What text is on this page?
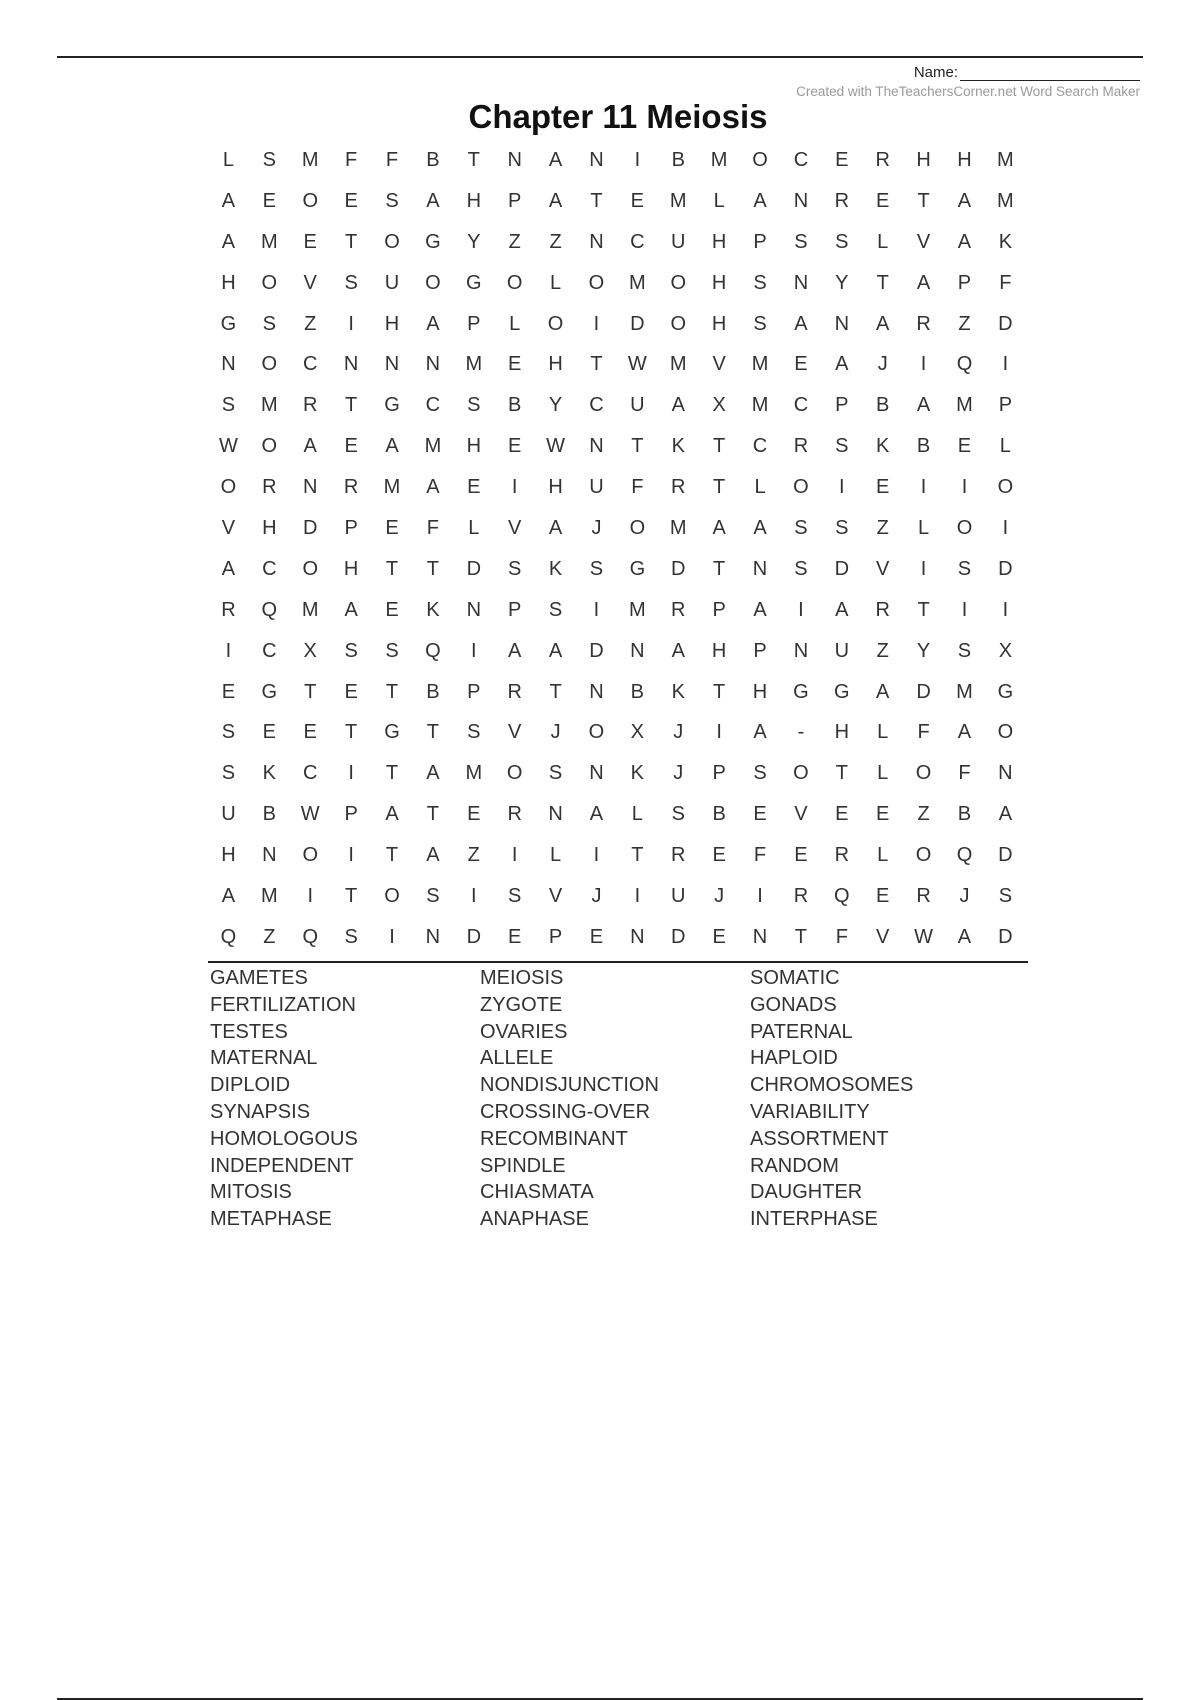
Name:
Created with TheTeachersCorner.net Word Search Maker
Chapter 11 Meiosis
L	S	M	F	F	B	T	N	A	N	I	B	M	O	C	E	R	H	H	M
A	E	O	E	S	A	H	P	A	T	E	M	L	A	N	R	E	T	A	M
A	M	E	T	O	G	Y	Z	Z	N	C	U	H	P	S	S	L	V	A	K
H	O	V	S	U	O	G	O	L	O	M	O	H	S	N	Y	T	A	P	F
G	S	Z	I	H	A	P	L	O	I	D	O	H	S	A	N	A	R	Z	D
N	O	C	N	N	N	M	E	H	T	W	M	V	M	E	A	J	I	Q	I
S	M	R	T	G	C	S	B	Y	C	U	A	X	M	C	P	B	A	M	P
W	O	A	E	A	M	H	E	W	N	T	K	T	C	R	S	K	B	E	L
O	R	N	R	M	A	E	I	H	U	F	R	T	L	O	I	E	I	I	O
V	H	D	P	E	F	L	V	A	J	O	M	A	A	S	S	Z	L	O	I
A	C	O	H	T	T	D	S	K	S	G	D	T	N	S	D	V	I	S	D
R	Q	M	A	E	K	N	P	S	I	M	R	P	A	I	A	R	T	I	I
I	C	X	S	S	Q	I	A	A	D	N	A	H	P	N	U	Z	Y	S	X
E	G	T	E	T	B	P	R	T	N	B	K	T	H	G	G	A	D	M	G
S	E	E	T	G	T	S	V	J	O	X	J	I	A	-	H	L	F	A	O
S	K	C	I	T	A	M	O	S	N	K	J	P	S	O	T	L	O	F	N
U	B	W	P	A	T	E	R	N	A	L	S	B	E	V	E	E	Z	B	A
H	N	O	I	T	A	Z	I	L	I	T	R	E	F	E	R	L	O	Q	D
A	M	I	T	O	S	I	S	V	J	I	U	J	I	R	Q	E	R	J	S
Q	Z	Q	S	I	N	D	E	P	E	N	D	E	N	T	F	V	W	A	D
GAMETES	MEIOSIS	SOMATIC
FERTILIZATION	ZYGOTE	GONADS
TESTES	OVARIES	PATERNAL
MATERNAL	ALLELE	HAPLOID
DIPLOID	NONDISJUNCTION	CHROMOSOMES
SYNAPSIS	CROSSING-OVER	VARIABILITY
HOMOLOGOUS	RECOMBINANT	ASSORTMENT
INDEPENDENT	SPINDLE	RANDOM
MITOSIS	CHIASMATA	DAUGHTER
METAPHASE	ANAPHASE	INTERPHASE
